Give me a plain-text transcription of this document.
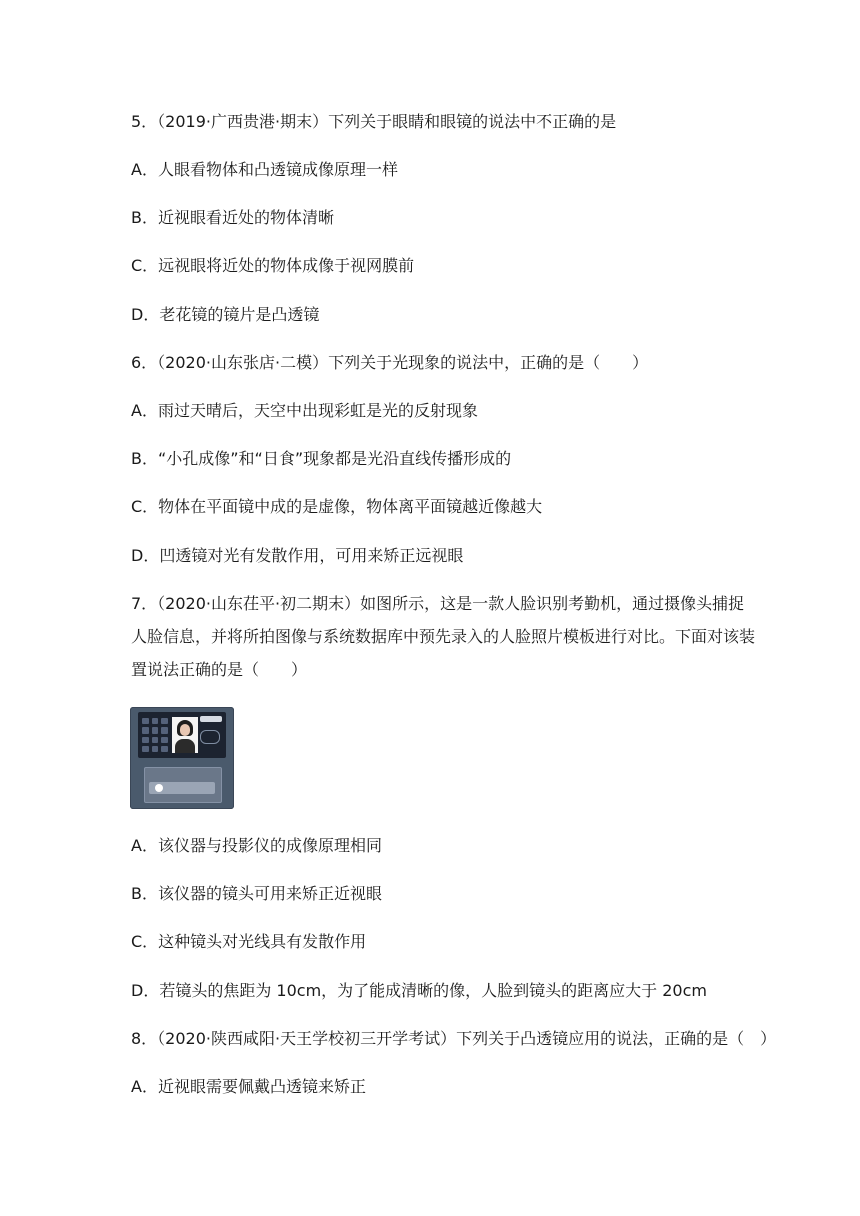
5．（2019·广西贵港·期末）下列关于眼睛和眼镜的说法中不正确的是
A．人眼看物体和凸透镜成像原理一样
B．近视眼看近处的物体清晰
C．远视眼将近处的物体成像于视网膜前
D．老花镜的镜片是凸透镜
6．（2020·山东张店·二模）下列关于光现象的说法中，正确的是（　　）
A．雨过天晴后，天空中出现彩虹是光的反射现象
B．“小孔成像”和“日食”现象都是光沿直线传播形成的
C．物体在平面镜中成的是虚像，物体离平面镜越近像越大
D．凹透镜对光有发散作用，可用来矫正远视眼
7．（2020·山东茌平·初二期末）如图所示，这是一款人脸识别考勤机，通过摄像头捕捉
人脸信息，并将所拍图像与系统数据库中预先录入的人脸照片模板进行对比。下面对该装
置说法正确的是（　　）
A．该仪器与投影仪的成像原理相同
B．该仪器的镜头可用来矫正近视眼
C．这种镜头对光线具有发散作用
D．若镜头的焦距为 10cm，为了能成清晰的像，人脸到镜头的距离应大于 20cm
8．（2020·陕西咸阳·天王学校初三开学考试）下列关于凸透镜应用的说法，正确的是（　）
A．近视眼需要佩戴凸透镜来矫正
